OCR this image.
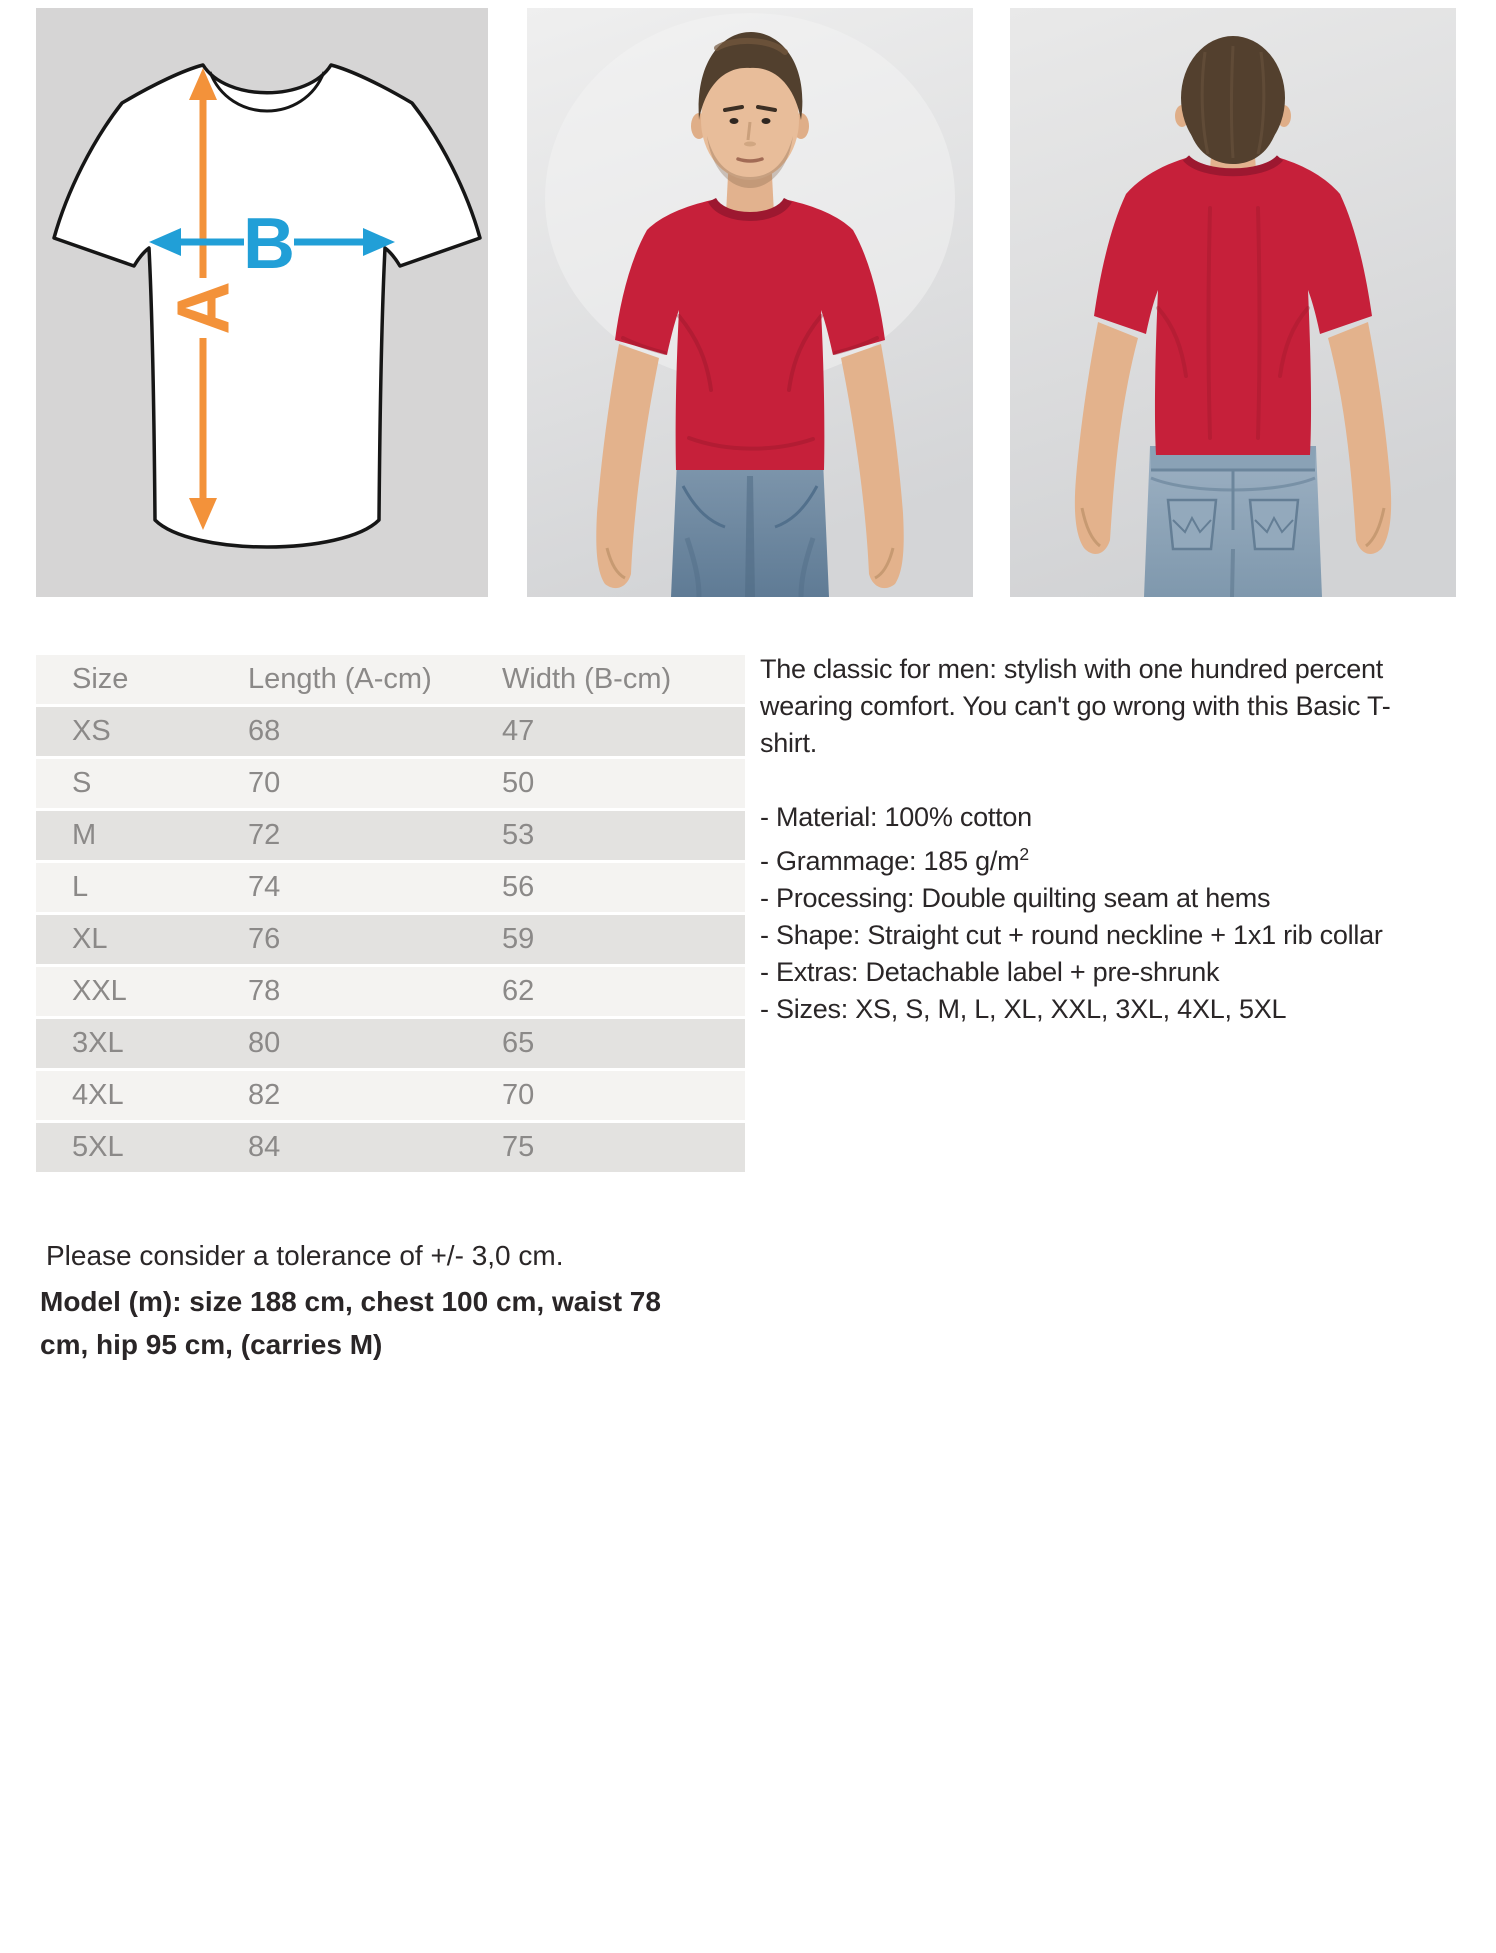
A
B
Size	Length (A-cm)	Width (B-cm)
XS	68	47
S	70	50
M	72	53
L	74	56
XL	76	59
XXL	78	62
3XL	80	65
4XL	82	70
5XL	84	75

The classic for men: stylish with one hundred percent wearing comfort. You can't go wrong with this Basic T-shirt.

- Material: 100% cotton
- Grammage: 185 $g/m^2$
- Processing: Double quilting seam at hems
- Shape: Straight cut + round neckline + 1x1 rib collar
- Extras: Detachable label + pre-shrunk
- Sizes: XS, S, M, L, XL, XXL, 3XL, 4XL, 5XL

Please consider a tolerance of +/- 3,0 cm.

Model (m): size 188 cm, chest 100 cm, waist 78 cm, hip 95 cm, (carries M)
